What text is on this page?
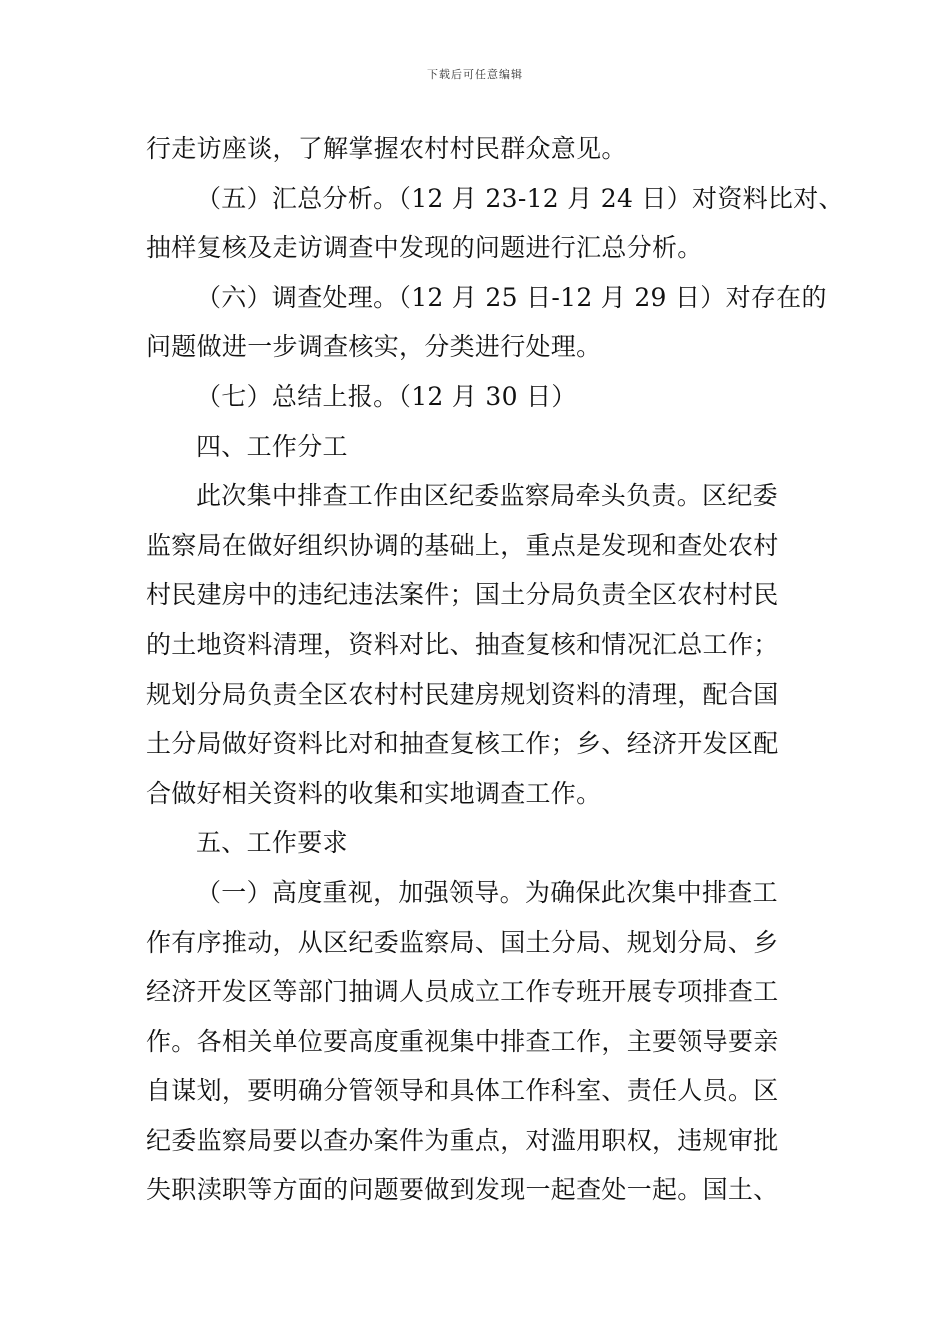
下载后可任意编辑
行走访座谈，了解掌握农村村民群众意见。
（五）汇总分析。（12 月 23-12 月 24 日）对资料比对、
抽样复核及走访调查中发现的问题进行汇总分析。
（六）调查处理。（12 月 25 日-12 月 29 日）对存在的
问题做进一步调查核实，分类进行处理。
（七）总结上报。（12 月 30 日）
四、工作分工
此次集中排查工作由区纪委监察局牵头负责。区纪委
监察局在做好组织协调的基础上，重点是发现和查处农村
村民建房中的违纪违法案件；国土分局负责全区农村村民
的土地资料清理，资料对比、抽查复核和情况汇总工作；
规划分局负责全区农村村民建房规划资料的清理，配合国
土分局做好资料比对和抽查复核工作；乡、经济开发区配
合做好相关资料的收集和实地调查工作。
五、工作要求
（一）高度重视，加强领导。为确保此次集中排查工
作有序推动，从区纪委监察局、国土分局、规划分局、乡
经济开发区等部门抽调人员成立工作专班开展专项排查工
作。各相关单位要高度重视集中排查工作，主要领导要亲
自谋划，要明确分管领导和具体工作科室、责任人员。区
纪委监察局要以查办案件为重点，对滥用职权，违规审批
失职渎职等方面的问题要做到发现一起查处一起。国土、
